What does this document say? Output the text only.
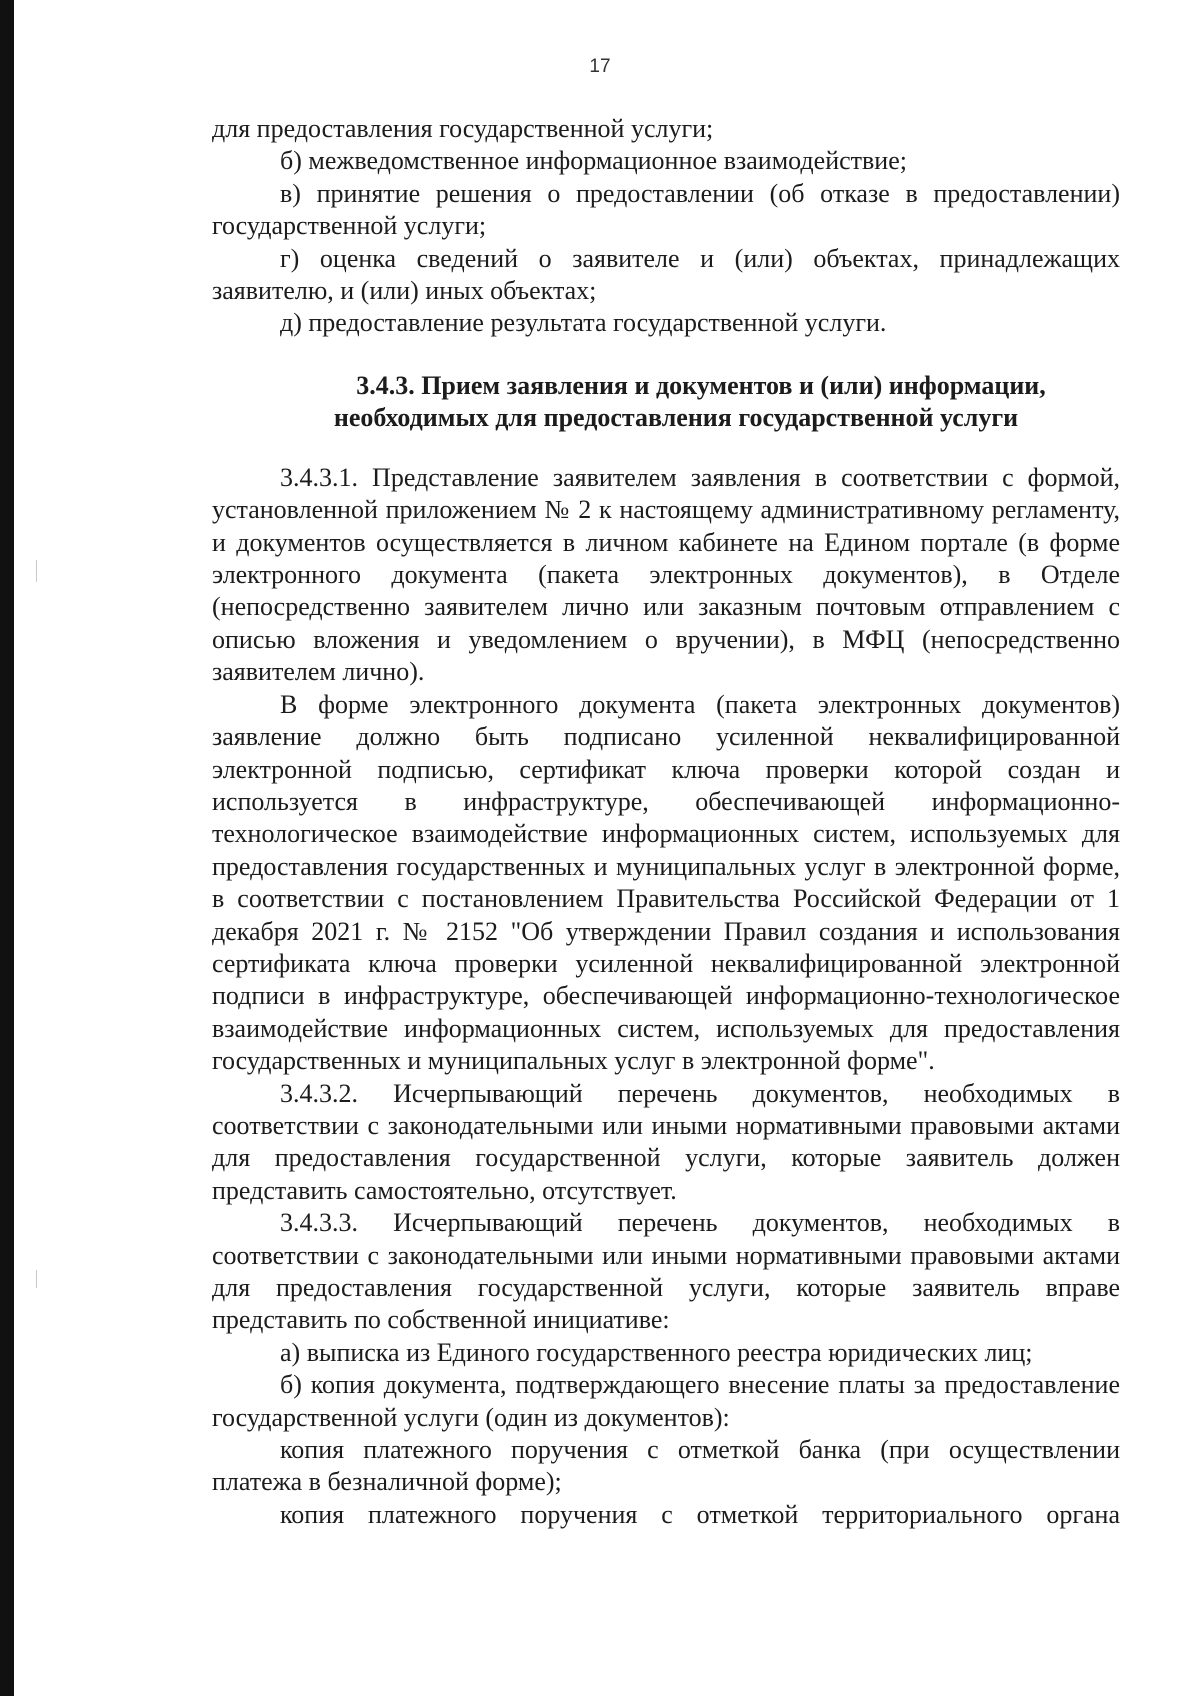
17

для предоставления государственной услуги;

б) межведомственное информационное взаимодействие;

в) принятие решения о предоставлении (об отказе в предоставлении) государственной услуги;

г) оценка сведений о заявителе и (или) объектах, принадлежащих заявителю, и (или) иных объектах;

д) предоставление результата государственной услуги.

3.4.3. Прием заявления и документов и (или) информации,
необходимых для предоставления государственной услуги

3.4.3.1. Представление заявителем заявления в соответствии с формой, установленной приложением № 2 к настоящему административному регламенту, и документов осуществляется в личном кабинете на Едином портале (в форме электронного документа (пакета электронных документов), в Отделе (непосредственно заявителем лично или заказным почтовым отправлением с описью вложения и уведомлением о вручении), в МФЦ (непосредственно заявителем лично).

В форме электронного документа (пакета электронных документов) заявление должно быть подписано усиленной неквалифицированной электронной подписью, сертификат ключа проверки которой создан и используется в инфраструктуре, обеспечивающей информационно-технологическое взаимодействие информационных систем, используемых для предоставления государственных и муниципальных услуг в электронной форме, в соответствии с постановлением Правительства Российской Федерации от 1 декабря 2021 г. № 2152 "Об утверждении Правил создания и использования сертификата ключа проверки усиленной неквалифицированной электронной подписи в инфраструктуре, обеспечивающей информационно-технологическое взаимодействие информационных систем, используемых для предоставления государственных и муниципальных услуг в электронной форме".

3.4.3.2. Исчерпывающий перечень документов, необходимых в соответствии с законодательными или иными нормативными правовыми актами для предоставления государственной услуги, которые заявитель должен представить самостоятельно, отсутствует.

3.4.3.3. Исчерпывающий перечень документов, необходимых в соответствии с законодательными или иными нормативными правовыми актами для предоставления государственной услуги, которые заявитель вправе представить по собственной инициативе:

а) выписка из Единого государственного реестра юридических лиц;

б) копия документа, подтверждающего внесение платы за предоставление государственной услуги (один из документов):

копия платежного поручения с отметкой банка (при осуществлении платежа в безналичной форме);

копия платежного поручения с отметкой территориального органа
